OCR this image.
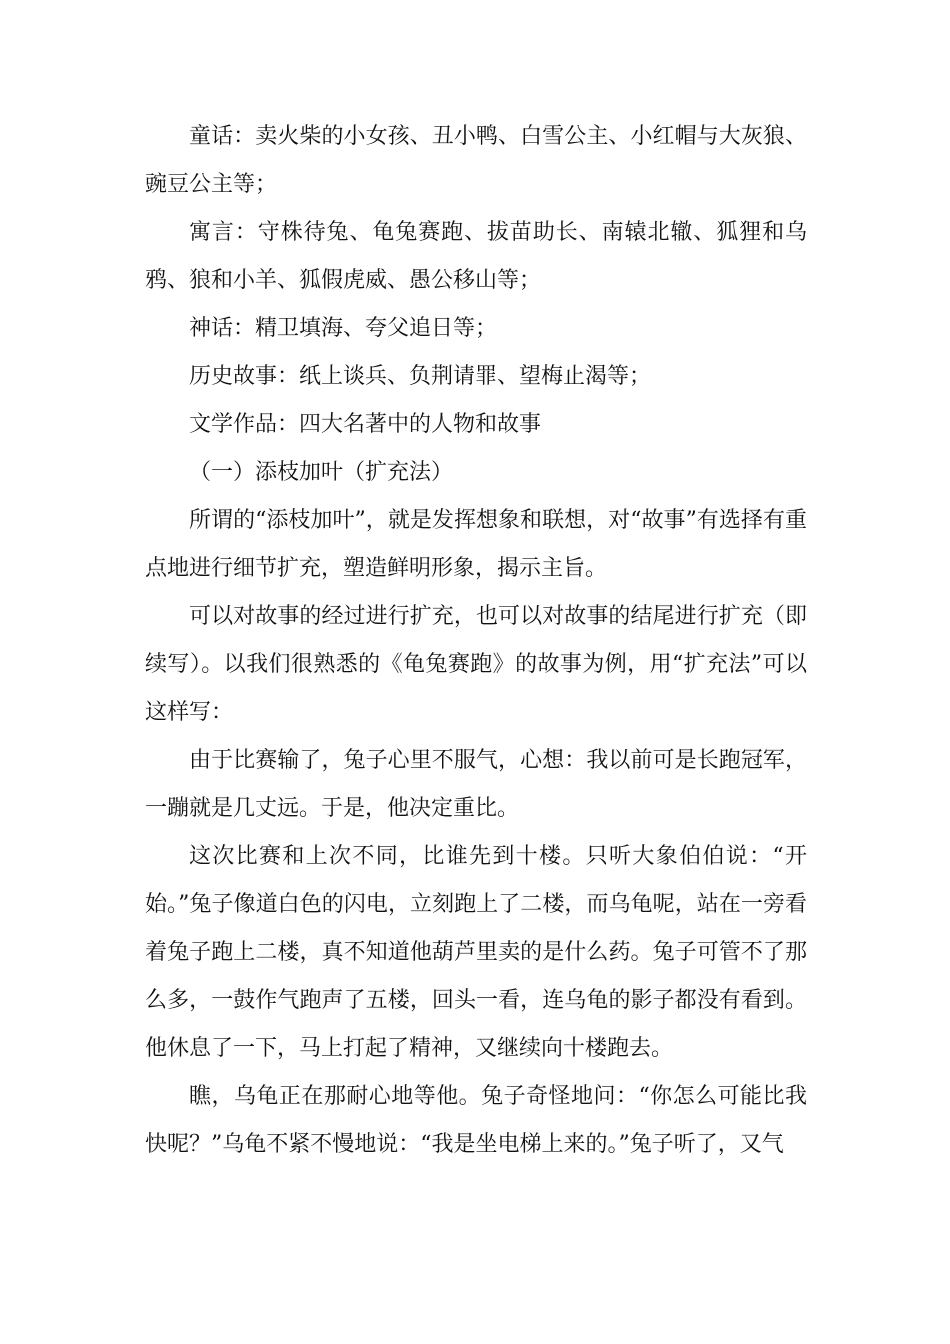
童话：卖火柴的小女孩、丑小鸭、白雪公主、小红帽与大灰狼、豌豆公主等；

寓言：守株待兔、龟兔赛跑、拔苗助长、南辕北辙、狐狸和乌鸦、狼和小羊、狐假虎威、愚公移山等；

神话：精卫填海、夸父追日等；

历史故事：纸上谈兵、负荆请罪、望梅止渴等；

文学作品：四大名著中的人物和故事

（一）添枝加叶（扩充法）

所谓的“添枝加叶”，就是发挥想象和联想，对“故事”有选择有重点地进行细节扩充，塑造鲜明形象，揭示主旨。

可以对故事的经过进行扩充，也可以对故事的结尾进行扩充（即续写）。以我们很熟悉的《龟兔赛跑》的故事为例，用“扩充法”可以这样写：

由于比赛输了，兔子心里不服气，心想：我以前可是长跑冠军，一蹦就是几丈远。于是，他决定重比。

这次比赛和上次不同，比谁先到十楼。只听大象伯伯说：“开始。”兔子像道白色的闪电，立刻跑上了二楼，而乌龟呢，站在一旁看着兔子跑上二楼，真不知道他葫芦里卖的是什么药。兔子可管不了那么多，一鼓作气跑声了五楼，回头一看，连乌龟的影子都没有看到。他休息了一下，马上打起了精神，又继续向十楼跑去。

瞧，乌龟正在那耐心地等他。兔子奇怪地问：“你怎么可能比我快呢？”乌龟不紧不慢地说：“我是坐电梯上来的。”兔子听了，又气
